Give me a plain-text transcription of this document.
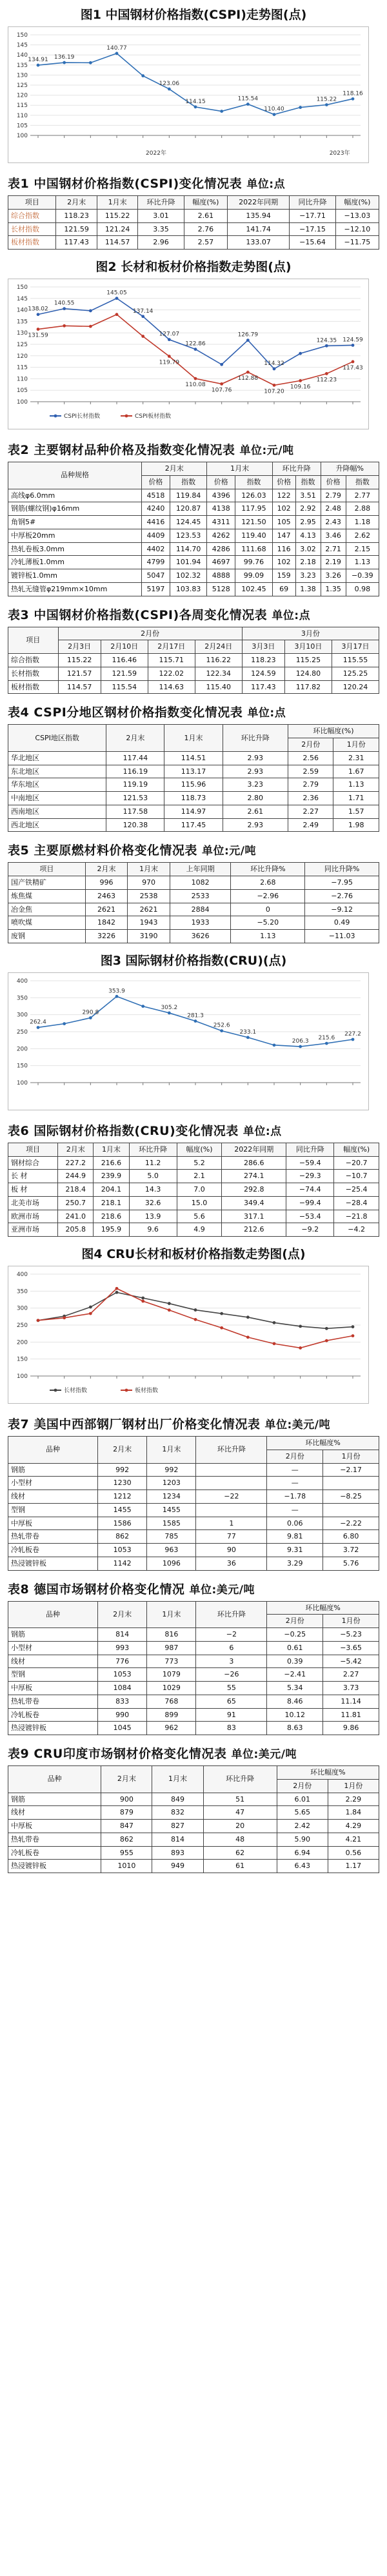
图1 中国钢材价格指数(CSPI)走势图(点)
150
145
140
135
130
125
120
115
110
105
100
2022年	2023年
134.91 136.19
140.77
123.06
114.15	115.54
110.40
115.22
118.16
表1 中国钢材价格指数(CSPI)变化情况表 单位:点
项目	2月末	1月末	环比升降	幅度(%)	2022年同期	同比升降	幅度(%)
综合指数	118.23	115.22	3.01	2.61	135.94	−17.71	−13.03
长材指数	121.59	121.24	3.35	2.76	141.74	−17.15	−12.10
板材指数	117.43	114.57	2.96	2.57	133.07	−15.64	−11.75
图2 长材和板材价格指数走势图(点)
150
145
140
135
130
125
120
115
110
105
100
138.02
140.55
145.05
137.14
127.07
122.86
126.79
114.32
124.35 124.59
131.59
119.79
110.08
107.76
112.88
107.20
109.16
112.23
117.43
CSPI长材指数	CSPI板材指数
表2 主要钢材品种价格及指数变化情况表 单位:元/吨
品种规格	2月末		1月末		环比升降		升降幅%	
	价格	指数	价格	指数	价格	指数	价格	指数
高线φ6.0mm	4518	119.84	4396	126.03	122	3.51	2.79	2.77
钢筋(螺纹钢)φ16mm	4240	120.87	4138	117.95	102	2.92	2.48	2.88
角钢5#	4416	124.45	4311	121.50	105	2.95	2.43	1.18
中厚板20mm	4409	123.53	4262	119.40	147	4.13	3.46	2.62
热轧卷板3.0mm	4402	114.70	4286	111.68	116	3.02	2.71	2.15
冷轧薄板1.0mm	4799	101.94	4697	99.76	102	2.18	2.19	1.13
镀锌板1.0mm	5047	102.32	4888	99.09	159	3.23	3.26	−0.39
热轧无缝管φ219mm×10mm	5197	103.83	5128	102.45	69	1.38	1.35	0.98
表3 中国钢材价格指数(CSPI)各周变化情况表 单位:点
项目	2月份				3月份		
	2月3日	2月10日	2月17日	2月24日	3月3日	3月10日	3月17日
综合指数	115.22	116.46	115.71	116.22	118.23	115.25	115.55
长材指数	121.57	121.59	122.02	122.34	124.59	124.80	125.25
板材指数	114.57	115.54	114.63	115.40	117.43	117.82	120.24
表4 CSPI分地区钢材价格指数变化情况表 单位:点
CSPI地区指数	2月末	1月末	环比升降	环比幅度(%)	
				2月份	1月份
华北地区	117.44	114.51	2.93	2.56	2.31
东北地区	116.19	113.17	2.93	2.59	1.67
华东地区	119.19	115.96	3.23	2.79	1.13
中南地区	121.53	118.73	2.80	2.36	1.71
西南地区	117.58	114.97	2.61	2.27	1.57
西北地区	120.38	117.45	2.93	2.49	1.98
表5 主要原燃材料价格变化情况表 单位:元/吨
项目	2月末	1月末	上年同期	环比升降%	同比升降%
国产铁精矿	996	970	1082	2.68	−7.95
炼焦煤	2463	2538	2533	−2.96	−2.76
冶金焦	2621	2621	2884	0	−9.12
喷吹煤	1842	1943	1933	−5.20	0.49
废钢	3226	3190	3626	1.13	−11.03
图3 国际钢材价格指数(CRU)(点)
400
350
300
250
200
150
100
262.4
290.8
353.9
305.2
281.3
252.6
233.1
206.3 215.6
227.2
表6 国际钢材价格指数(CRU)变化情况表 单位:点
项目	2月末	1月末	环比升降	幅度(%)	2022年同期	同比升降	幅度(%)
钢材综合	227.2	216.6	11.2	5.2	286.6	−59.4	−20.7
长 材	244.9	239.9	5.0	2.1	274.1	−29.3	−10.7
板 材	218.4	204.1	14.3	7.0	292.8	−74.4	−25.4
北美市场	250.7	218.1	32.6	15.0	349.4	−99.4	−28.4
欧洲市场	241.0	218.6	13.9	5.6	317.1	−53.4	−21.8
亚洲市场	205.8	195.9	9.6	4.9	212.6	−9.2	−4.2
图4 CRU长材和板材价格指数走势图(点)
400
350
300
250
200
150
100
长材指数	板材指数
表7 美国中西部钢厂钢材出厂价格变化情况表 单位:美元/吨
品种	2月末	1月末	环比升降	环比幅度%	
				2月份	1月份
钢筋	992	992		—	−2.17
小型材	1230	1203		—	
线材	1212	1234	−22	−1.78	−8.25
型钢	1455	1455		—	
中厚板	1586	1585	1	0.06	−2.22
热轧带卷	862	785	77	9.81	6.80
冷轧板卷	1053	963	90	9.31	3.72
热浸镀锌板	1142	1096	36	3.29	5.76
表8 德国市场钢材价格变化情况 单位:美元/吨
品种	2月末	1月末	环比升降	环比幅度%	
				2月份	1月份
钢筋	814	816	−2	−0.25	−5.23
小型材	993	987	6	0.61	−3.65
线材	776	773	3	0.39	−5.42
型钢	1053	1079	−26	−2.41	2.27
中厚板	1084	1029	55	5.34	3.73
热轧带卷	833	768	65	8.46	11.14
冷轧板卷	990	899	91	10.12	11.81
热浸镀锌板	1045	962	83	8.63	9.86
表9 CRU印度市场钢材价格变化情况表 单位:美元/吨
品种	2月末	1月末	环比升降	环比幅度%	
				2月份	1月份
钢筋	900	849	51	6.01	2.29
线材	879	832	47	5.65	1.84
中厚板	847	827	20	2.42	4.29
热轧带卷	862	814	48	5.90	4.21
冷轧板卷	955	893	62	6.94	0.56
热浸镀锌板	1010	949	61	6.43	1.17
